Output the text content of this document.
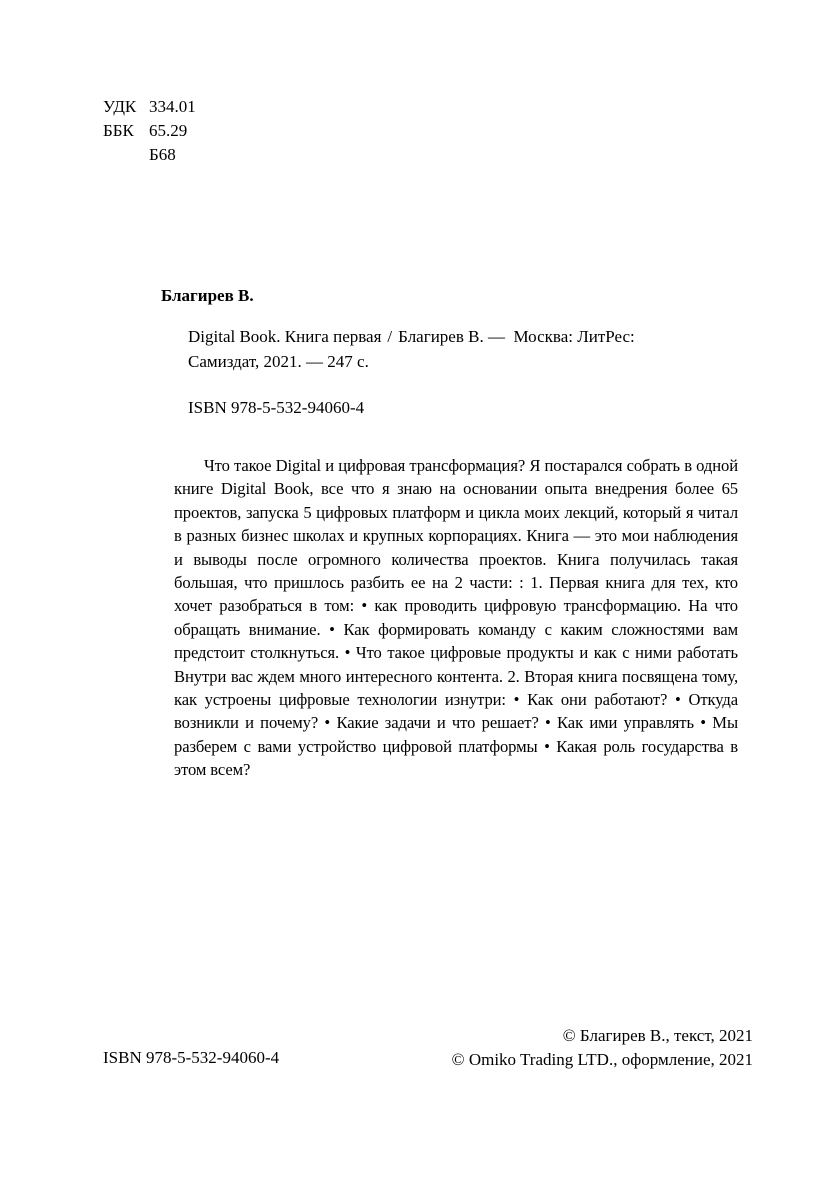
УДК 334.01
ББК 65.29
Б68
Благирев В.
Digital Book. Книга первая / Благирев В. — Москва: ЛитРес:
Самиздат, 2021. — 247 с.
ISBN 978-5-532-94060-4
Что такое Digital и цифровая трансформация? Я постарался собрать в одной книге Digital Book, все что я знаю на основании опыта внедрения более 65 проектов, запуска 5 цифровых платформ и цикла моих лекций, который я читал в разных бизнес школах и крупных корпорациях. Книга — это мои наблюдения и выводы после огромного количества проектов. Книга получилась такая большая, что пришлось разбить ее на 2 части: : 1. Первая книга для тех, кто хочет разобраться в том: • как проводить цифровую трансформацию. На что обращать внимание. • Как формировать команду с каким сложностями вам предстоит столкнуться. • Что такое цифровые продукты и как с ними работать Внутри вас ждем много интересного контента. 2. Вторая книга посвящена тому, как устроены цифровые технологии изнутри: • Как они работают? • Откуда возникли и почему? • Какие задачи и что решает? • Как ими управлять • Мы разберем с вами устройство цифровой платформы • Какая роль государства в этом всем?
© Благирев В., текст, 2021
© Omiko Trading LTD., оформление, 2021
ISBN 978-5-532-94060-4
